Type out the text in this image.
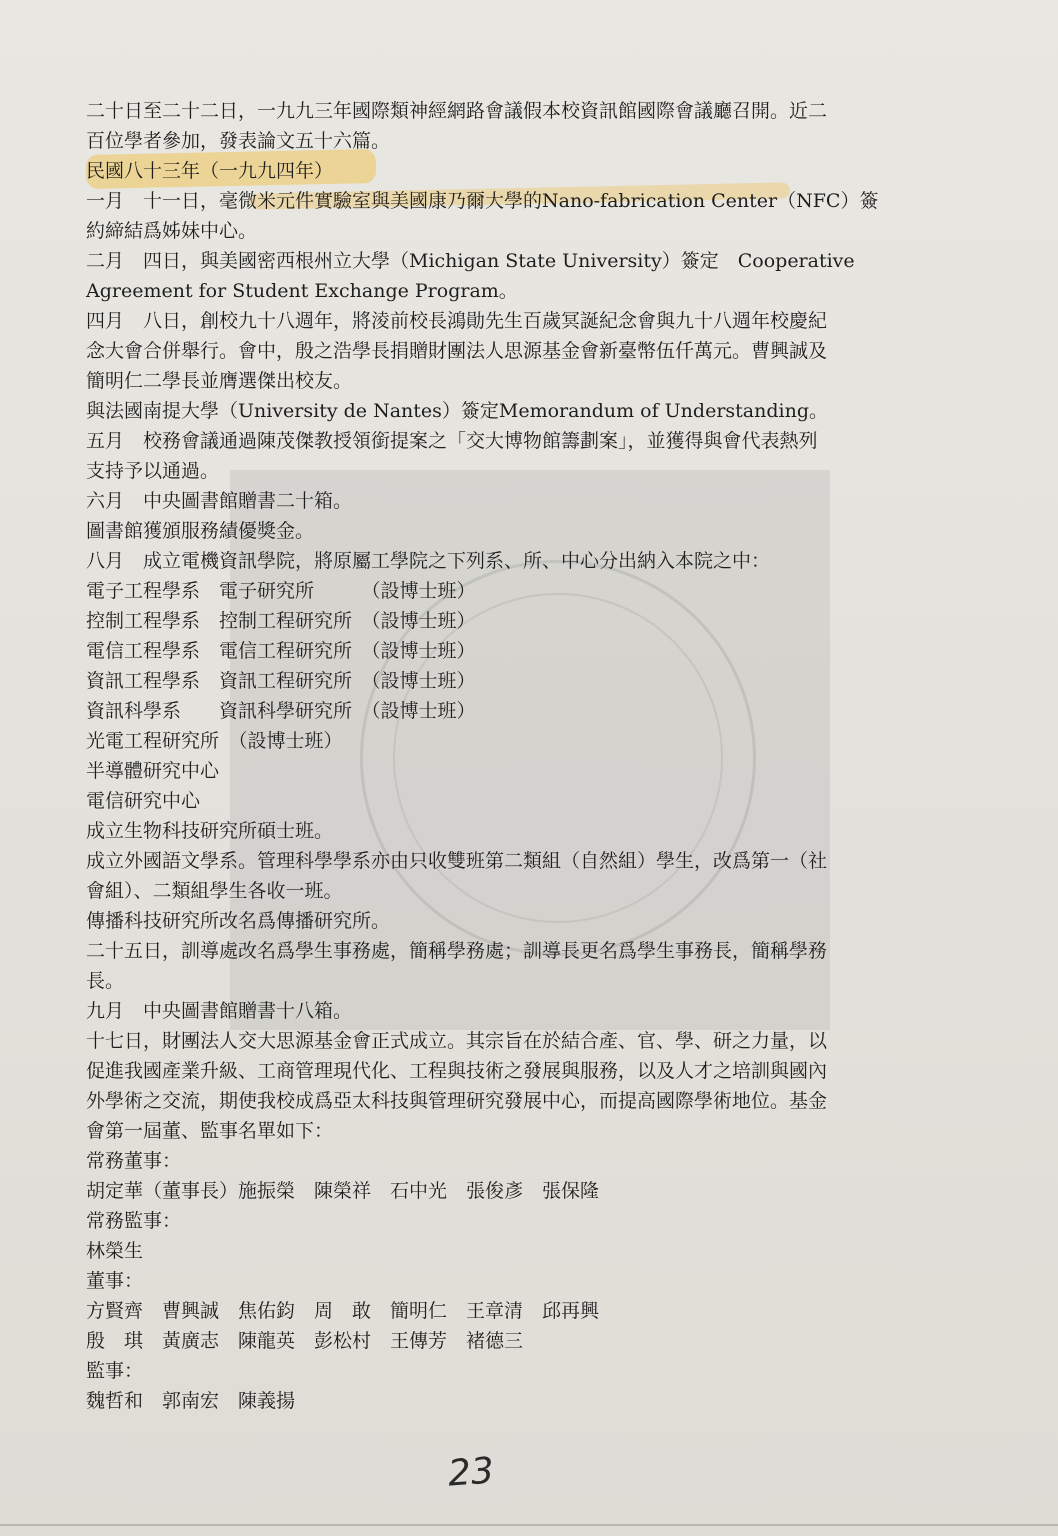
二十日至二十二日，一九九三年國際類神經網路會議假本校資訊館國際會議廳召開。近二

百位學者參加，發表論文五十六篇。

民國八十三年（一九九四年）

一月　十一日，毫微米元件實驗室與美國康乃爾大學的Nano-fabrication Center（NFC）簽

約締結爲姊妹中心。

二月　四日，與美國密西根州立大學（Michigan State University）簽定　Cooperative

Agreement for Student Exchange Program。

四月　八日，創校九十八週年，將淩前校長鴻勛先生百歲冥誕紀念會與九十八週年校慶紀

念大會合併舉行。會中，殷之浩學長捐贈財團法人思源基金會新臺幣伍仟萬元。曹興誠及

簡明仁二學長並膺選傑出校友。

與法國南提大學（University de Nantes）簽定Memorandum of Understanding。

五月　校務會議通過陳茂傑教授領銜提案之「交大博物館籌劃案」，並獲得與會代表熱列

支持予以通過。

六月　中央圖書館贈書二十箱。

圖書館獲頒服務績優獎金。

八月　成立電機資訊學院，將原屬工學院之下列系、所、中心分出納入本院之中：

電子工程學系　電子研究所　　　（設博士班）

控制工程學系　控制工程研究所　（設博士班）

電信工程學系　電信工程研究所　（設博士班）

資訊工程學系　資訊工程研究所　（設博士班）

資訊科學系　　資訊科學研究所　（設博士班）

光電工程研究所　（設博士班）

半導體研究中心

電信研究中心

成立生物科技研究所碩士班。

成立外國語文學系。管理科學學系亦由只收雙班第二類組（自然組）學生，改爲第一（社

會組）、二類組學生各收一班。

傳播科技研究所改名爲傳播研究所。

二十五日，訓導處改名爲學生事務處，簡稱學務處；訓導長更名爲學生事務長，簡稱學務

長。

九月　中央圖書館贈書十八箱。

十七日，財團法人交大思源基金會正式成立。其宗旨在於結合產、官、學、研之力量，以

促進我國產業升級、工商管理現代化、工程與技術之發展與服務，以及人才之培訓與國內

外學術之交流，期使我校成爲亞太科技與管理研究發展中心，而提高國際學術地位。基金

會第一屆董、監事名單如下：

常務董事：

胡定華（董事長）施振榮　陳榮祥　石中光　張俊彥　張保隆

常務監事：

林榮生

董事：

方賢齊　曹興誠　焦佑鈞　周　敢　簡明仁　王章清　邱再興

殷　琪　黃廣志　陳龍英　彭松村　王傳芳　褚德三

監事：

魏哲和　郭南宏　陳義揚

23
